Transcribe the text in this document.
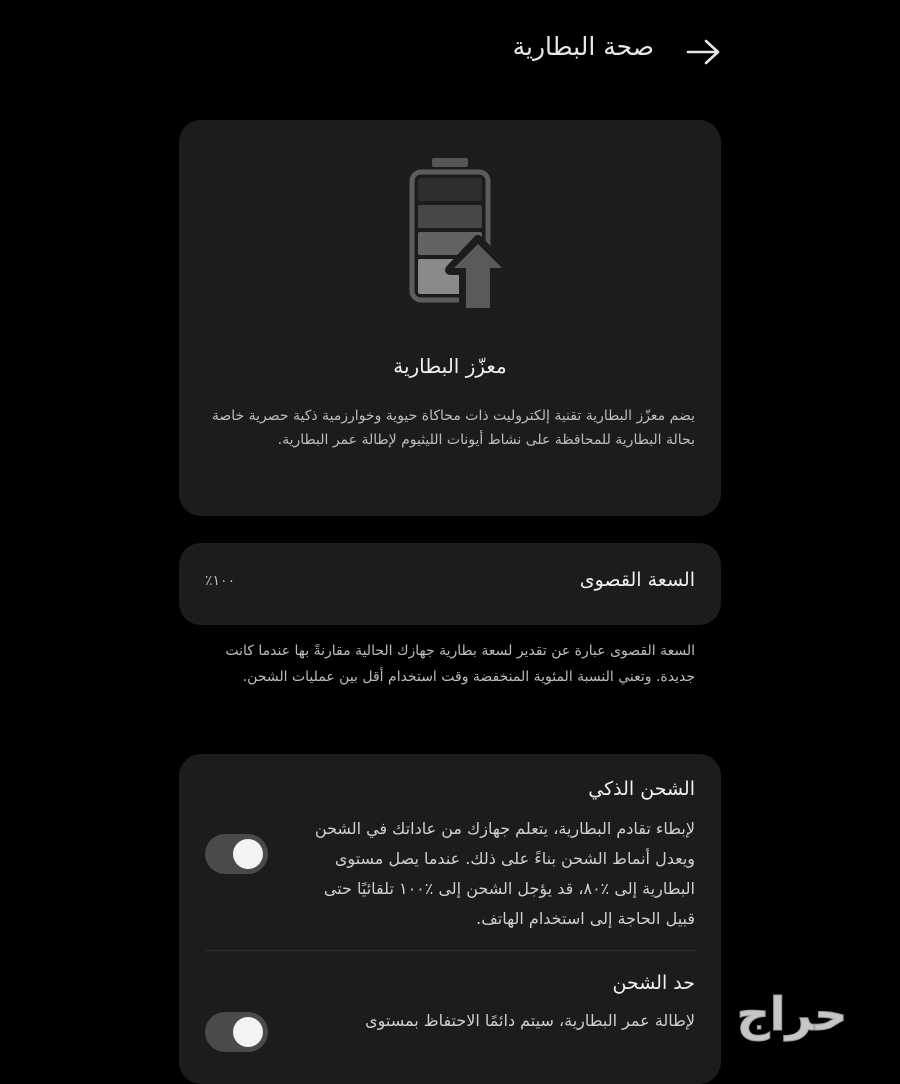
صحة البطارية
معزّز البطارية
يضم معزّز البطارية تقنية إلكتروليت ذات محاكاة حيوية وخوارزمية ذكية حصرية خاصة بحالة البطارية للمحافظة على نشاط أيونات الليثيوم لإطالة عمر البطارية.
السعة القصوى
٪١٠٠
السعة القصوى عبارة عن تقدير لسعة بطارية جهازك الحالية مقارنةً بها عندما كانت جديدة. وتعني النسبة المئوية المنخفضة وقت استخدام أقل بين عمليات الشحن.
الشحن الذكي
لإبطاء تقادم البطارية، يتعلم جهازك من عاداتك في الشحن ويعدل أنماط الشحن بناءً على ذلك. عندما يصل مستوى البطارية إلى ٪٨٠، قد يؤجل الشحن إلى ٪١٠٠ تلقائيًا حتى قبيل الحاجة إلى استخدام الهاتف.
حد الشحن
لإطالة عمر البطارية، سيتم دائمًا الاحتفاظ بمستوى حراج
